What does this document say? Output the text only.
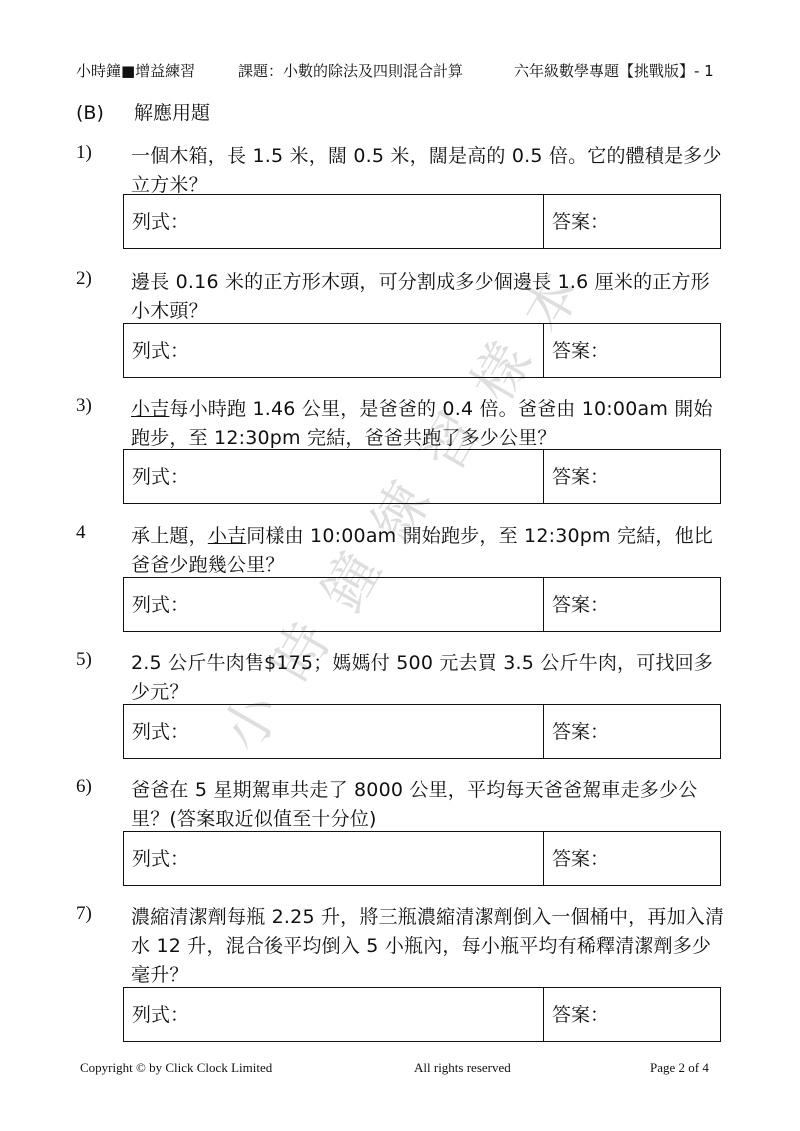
小時鐘■增益練習	課題：小數的除法及四則混合計算	六年級數學專題【挑戰版】- 1
(B) 解應用題
小
時
鐘
練
習
樣
本
1) 一個木箱，長 1.5 米，闊 0.5 米，闊是高的 0.5 倍。它的體積是多少立方米？
列式：	答案：
2) 邊長 0.16 米的正方形木頭，可分割成多少個邊長 1.6 厘米的正方形小木頭？
列式：	答案：
3) 小吉每小時跑 1.46 公里，是爸爸的 0.4 倍。爸爸由 10:00am 開始跑步，至 12:30pm 完結，爸爸共跑了多少公里？
列式：	答案：
4 承上題，小吉同樣由 10:00am 開始跑步，至 12:30pm 完結，他比爸爸少跑幾公里？
列式：	答案：
5) 2.5 公斤牛肉售$175；媽媽付 500 元去買 3.5 公斤牛肉，可找回多少元？
列式：	答案：
6) 爸爸在 5 星期駕車共走了 8000 公里，平均每天爸爸駕車走多少公里？(答案取近似值至十分位)
列式：	答案：
7) 濃縮清潔劑每瓶 2.25 升，將三瓶濃縮清潔劑倒入一個桶中，再加入清水 12 升，混合後平均倒入 5 小瓶內，每小瓶平均有稀釋清潔劑多少毫升？
列式：	答案：
Copyright © by Click Clock Limited	All rights reserved	Page 2 of 4
